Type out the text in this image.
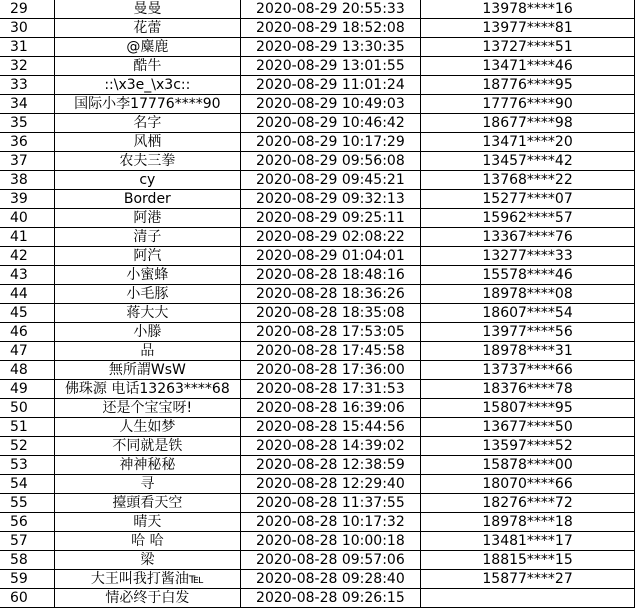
29	曼曼	2020-08-29 20:55:33	13978****16
30	花蕾	2020-08-29 18:52:08	13977****81
31	@麋鹿	2020-08-29 13:30:35	13727****51
32	酷牛	2020-08-29 13:01:55	13471****46
33	::\x3e_\x3c::	2020-08-29 11:01:24	18776****95
34	国际小李17776****90	2020-08-29 10:49:03	17776****90
35	名字	2020-08-29 10:46:42	18677****98
36	风栖	2020-08-29 10:17:29	13471****20
37	农夫三拳	2020-08-29 09:56:08	13457****42
38	cy	2020-08-29 09:45:21	13768****22
39	Border	2020-08-29 09:32:13	15277****07
40	阿港	2020-08-29 09:25:11	15962****57
41	清子	2020-08-29 02:08:22	13367****76
42	阿汽	2020-08-29 01:04:01	13277****33
43	小蜜蜂	2020-08-28 18:48:16	15578****46
44	小毛豚	2020-08-28 18:36:26	18978****08
45	蒋大大	2020-08-28 18:35:08	18607****54
46	小滕	2020-08-28 17:53:05	13977****56
47	品	2020-08-28 17:45:58	18978****31
48	無所謂WsW	2020-08-28 17:36:00	13737****66
49	佛珠源 电话13263****68	2020-08-28 17:31:53	18376****78
50	还是个宝宝呀!	2020-08-28 16:39:06	15807****95
51	人生如梦	2020-08-28 15:44:56	13677****50
52	不同就是铁	2020-08-28 14:39:02	13597****52
53	神神秘秘	2020-08-28 12:38:59	15878****00
54	寻	2020-08-28 12:29:40	18070****66
55	擡頭看天空	2020-08-28 11:37:55	18276****72
56	晴天	2020-08-28 10:17:32	18978****18
57	哈 哈	2020-08-28 10:00:18	13481****17
58	梁	2020-08-28 09:57:06	18815****15
59	大王叫我打酱油℡	2020-08-28 09:28:40	15877****27
60	情必终于白发	2020-08-28 09:26:15	
